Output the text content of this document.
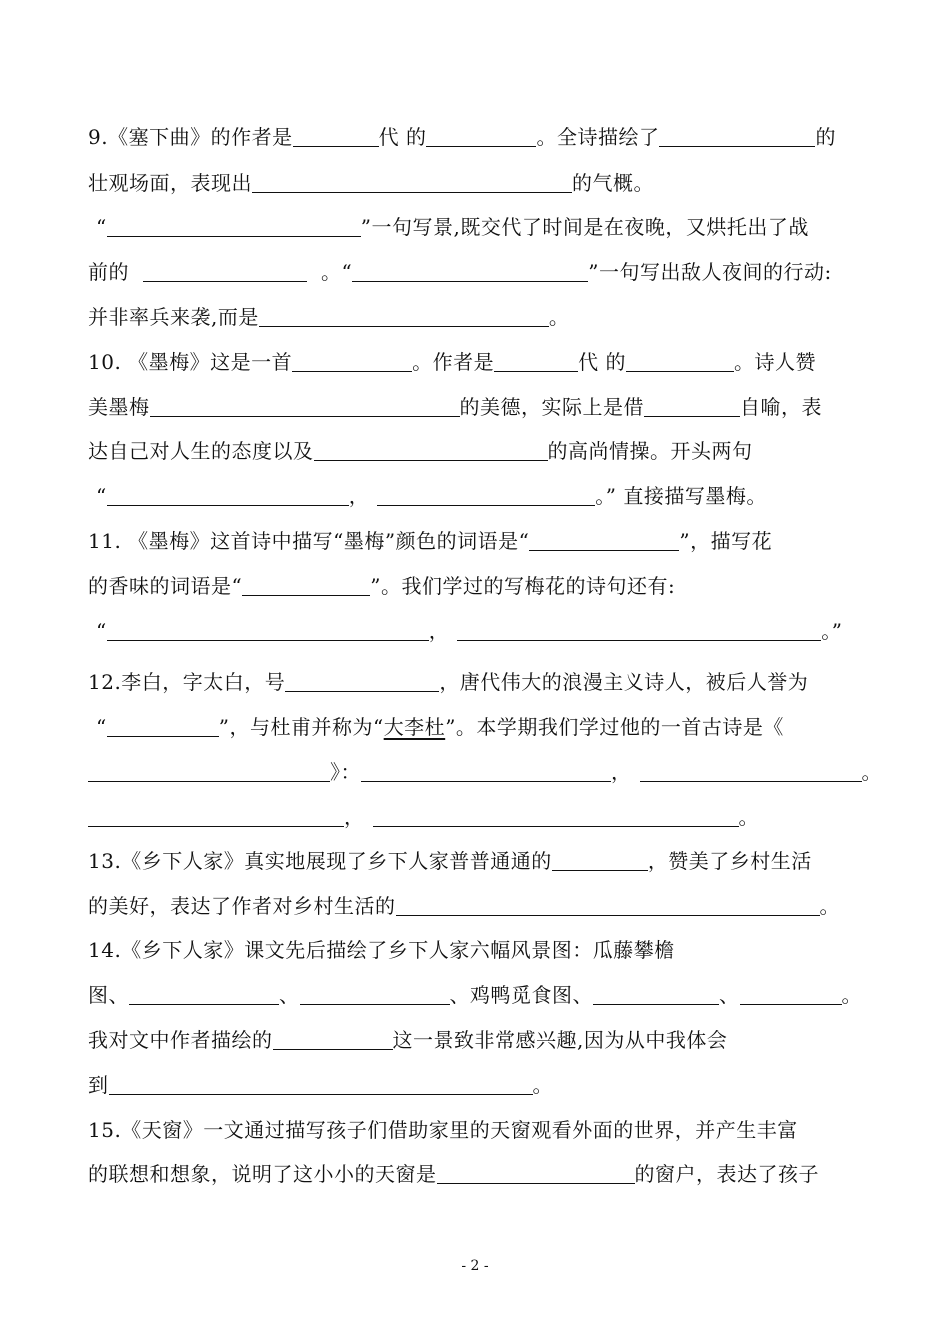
9.《塞下曲》的作者是	代 的	。全诗描绘了	的
壮观场面，表现出	的气概。
“	”一句写景,既交代了时间是在夜晚，又烘托出了战
前的	。“	”一句写出敌人夜间的行动:
并非率兵来袭,而是	。
10. 《墨梅》这是一首	。作者是	代 的	。诗人赞
美墨梅	的美德，实际上是借	自喻，表
达自己对人生的态度以及	的高尚情操。开头两句
“	，	。” 直接描写墨梅。
11. 《墨梅》这首诗中描写“墨梅”颜色的词语是“	”，描写花
的香味的词语是“	”。我们学过的写梅花的诗句还有:
“	，	。”
12.李白，字太白，号	，唐代伟大的浪漫主义诗人，被后人誉为
“	”，与杜甫并称为“大李杜”。本学期我们学过他的一首古诗是《
》：	，	。
，	。
13.《乡下人家》真实地展现了乡下人家普普通通的	，赞美了乡村生活
的美好，表达了作者对乡村生活的	。
14.《乡下人家》课文先后描绘了乡下人家六幅风景图：瓜藤攀檐
图、	、	、鸡鸭觅食图、	、	。
我对文中作者描绘的	这一景致非常感兴趣,因为从中我体会
到	。
15.《天窗》一文通过描写孩子们借助家里的天窗观看外面的世界，并产生丰富
的联想和想象，说明了这小小的天窗是	的窗户，表达了孩子
- 2 -
